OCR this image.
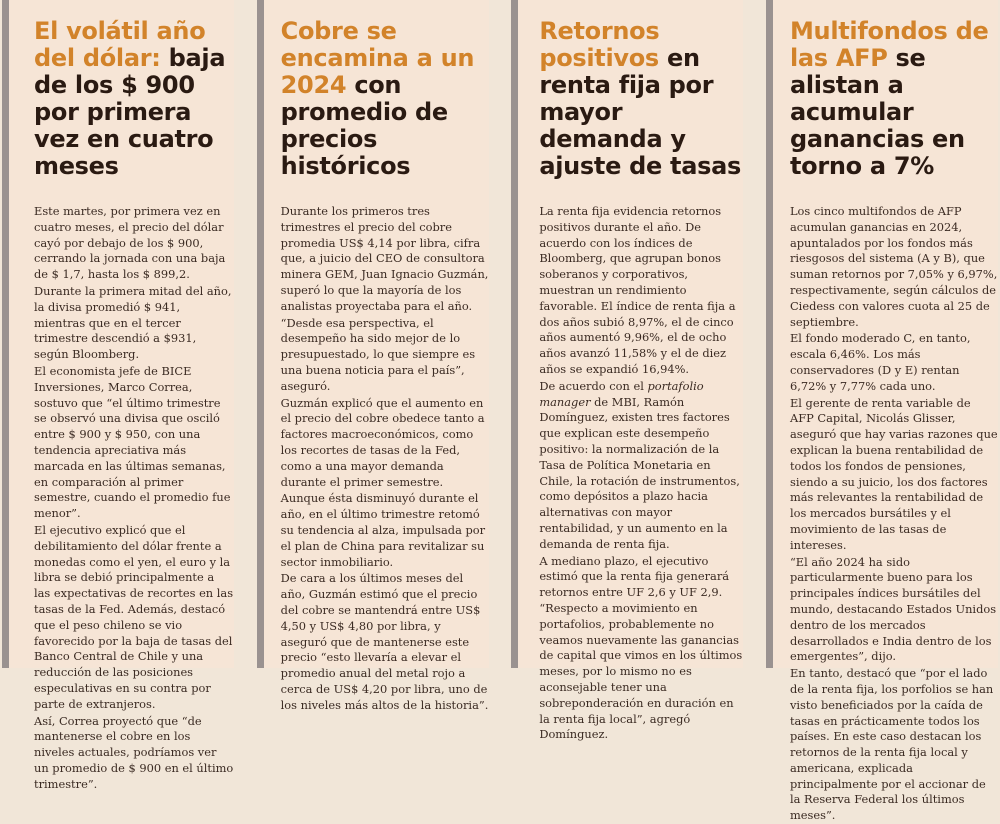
El volátil año del dólar: baja de los $ 900 por primera vez en cuatro meses

Este martes, por primera vez en cuatro meses, el precio del dólar cayó por debajo de los $ 900, cerrando la jornada con una baja de $ 1,7, hasta los $ 899,2.

Durante la primera mitad del año, la divisa promedió $ 941, mientras que en el tercer trimestre descendió a $931, según Bloomberg.

El economista jefe de BICE Inversiones, Marco Correa, sostuvo que “el último trimestre se observó una divisa que osciló entre $ 900 y $ 950, con una tendencia apreciativa más marcada en las últimas semanas, en comparación al primer semestre, cuando el promedio fue menor”.

El ejecutivo explicó que el debilitamiento del dólar frente a monedas como el yen, el euro y la libra se debió principalmente a las expectativas de recortes en las tasas de la Fed. Además, destacó que el peso chileno se vio favorecido por la baja de tasas del Banco Central de Chile y una reducción de las posiciones especulativas en su contra por parte de extranjeros.

Así, Correa proyectó que “de mantenerse el cobre en los niveles actuales, podríamos ver un promedio de $ 900 en el último trimestre”.

Cobre se encamina a un 2024 con promedio de precios históricos

Durante los primeros tres trimestres el precio del cobre promedia US$ 4,14 por libra, cifra que, a juicio del CEO de consultora minera GEM, Juan Ignacio Guzmán, superó lo que la mayoría de los analistas proyectaba para el año.

“Desde esa perspectiva, el desempeño ha sido mejor de lo presupuestado, lo que siempre es una buena noticia para el país”, aseguró.

Guzmán explicó que el aumento en el precio del cobre obedece tanto a factores macroeconómicos, como los recortes de tasas de la Fed, como a una mayor demanda durante el primer semestre.

Aunque ésta disminuyó durante el año, en el último trimestre retomó su tendencia al alza, impulsada por el plan de China para revitalizar su sector inmobiliario.

De cara a los últimos meses del año, Guzmán estimó que el precio del cobre se mantendrá entre US$ 4,50 y US$ 4,80 por libra, y aseguró que de mantenerse este precio “esto llevaría a elevar el promedio anual del metal rojo a cerca de US$ 4,20 por libra, uno de los niveles más altos de la historia”.

Retornos positivos en renta fija por mayor demanda y ajuste de tasas

La renta fija evidencia retornos positivos durante el año. De acuerdo con los índices de Bloomberg, que agrupan bonos soberanos y corporativos, muestran un rendimiento favorable. El índice de renta fija a dos años subió 8,97%, el de cinco años aumentó 9,96%, el de ocho años avanzó 11,58% y el de diez años se expandió 16,94%.

De acuerdo con el portafolio manager de MBI, Ramón Domínguez, existen tres factores que explican este desempeño positivo: la normalización de la Tasa de Política Monetaria en Chile, la rotación de instrumentos, como depósitos a plazo hacia alternativas con mayor rentabilidad, y un aumento en la demanda de renta fija.

A mediano plazo, el ejecutivo estimó que la renta fija generará retornos entre UF 2,6 y UF 2,9. “Respecto a movimiento en portafolios, probablemente no veamos nuevamente las ganancias de capital que vimos en los últimos meses, por lo mismo no es aconsejable tener una sobreponderación en duración en la renta fija local”, agregó Domínguez.

Multifondos de las AFP se alistan a acumular ganancias en torno a 7%

Los cinco multifondos de AFP acumulan ganancias en 2024, apuntalados por los fondos más riesgosos del sistema (A y B), que suman retornos por 7,05% y 6,97%, respectivamente, según cálculos de Ciedess con valores cuota al 25 de septiembre.

El fondo moderado C, en tanto, escala 6,46%. Los más conservadores (D y E) rentan 6,72% y 7,77% cada uno.

El gerente de renta variable de AFP Capital, Nicolás Glisser, aseguró que hay varias razones que explican la buena rentabilidad de todos los fondos de pensiones, siendo a su juicio, los dos factores más relevantes la rentabilidad de los mercados bursátiles y el movimiento de las tasas de intereses.

“El año 2024 ha sido particularmente bueno para los principales índices bursátiles del mundo, destacando Estados Unidos dentro de los mercados desarrollados e India dentro de los emergentes”, dijo.

En tanto, destacó que “por el lado de la renta fija, los porfolios se han visto beneficiados por la caída de tasas en prácticamente todos los países. En este caso destacan los retornos de la renta fija local y americana, explicada principalmente por el accionar de la Reserva Federal los últimos meses”.
